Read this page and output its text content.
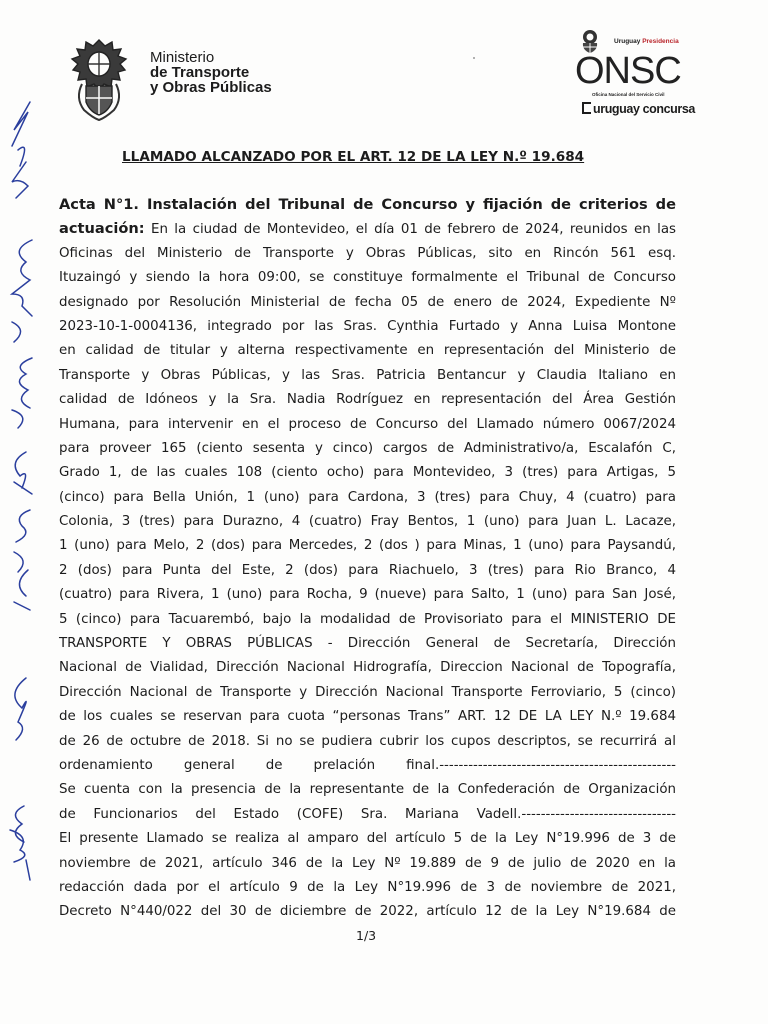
Ministerio
de Transporte
y Obras Públicas
Uruguay Presidencia
ONSC
Oficina Nacional del Servicio Civil
uruguay concursa
LLAMADO ALCANZADO POR EL ART. 12 DE LA LEY N.º 19.684
Acta N°1. Instalación del Tribunal de Concurso y fijación de criterios de
actuación: En la ciudad de Montevideo, el día 01 de febrero de 2024, reunidos en las
Oficinas del Ministerio de Transporte y Obras Públicas, sito en Rincón 561 esq.
Ituzaingó y siendo la hora 09:00, se constituye formalmente el Tribunal de Concurso
designado por Resolución Ministerial de fecha 05 de enero de 2024, Expediente Nº
2023-10-1-0004136, integrado por las Sras. Cynthia Furtado y Anna Luisa Montone
en calidad de titular y alterna respectivamente en representación del Ministerio de
Transporte y Obras Públicas, y las Sras. Patricia Bentancur y Claudia Italiano en
calidad de Idóneos y la Sra. Nadia Rodríguez en representación del Área Gestión
Humana, para intervenir en el proceso de Concurso del Llamado número 0067/2024
para proveer 165 (ciento sesenta y cinco) cargos de Administrativo/a, Escalafón C,
Grado 1, de las cuales 108 (ciento ocho) para Montevideo, 3 (tres) para Artigas, 5
(cinco) para Bella Unión, 1 (uno) para Cardona, 3 (tres) para Chuy, 4 (cuatro) para
Colonia, 3 (tres) para Durazno, 4 (cuatro) Fray Bentos, 1 (uno) para Juan L. Lacaze,
1 (uno) para Melo, 2 (dos) para Mercedes, 2 (dos ) para Minas, 1 (uno) para Paysandú,
2 (dos) para Punta del Este, 2 (dos) para Riachuelo, 3 (tres) para Rio Branco, 4
(cuatro) para Rivera, 1 (uno) para Rocha, 9 (nueve) para Salto, 1 (uno) para San José,
5 (cinco) para Tacuarembó, bajo la modalidad de Provisoriato para el MINISTERIO DE
TRANSPORTE Y OBRAS PÚBLICAS - Dirección General de Secretaría, Dirección
Nacional de Vialidad, Dirección Nacional Hidrografía, Direccion Nacional de Topografía,
Dirección Nacional de Transporte y Dirección Nacional Transporte Ferroviario, 5 (cinco)
de los cuales se reservan para cuota “personas Trans” ART. 12 DE LA LEY N.º 19.684
de 26 de octubre de 2018. Si no se pudiera cubrir los cupos descriptos, se recurrirá al
ordenamiento general de prelación final.-------------------------------------------------
Se cuenta con la presencia de la representante de la Confederación de Organización
de Funcionarios del Estado (COFE) Sra. Mariana Vadell.--------------------------------
El presente Llamado se realiza al amparo del artículo 5 de la Ley N°19.996 de 3 de
noviembre de 2021, artículo 346 de la Ley Nº 19.889 de 9 de julio de 2020 en la
redacción dada por el artículo 9 de la Ley N°19.996 de 3 de noviembre de 2021,
Decreto N°440/022 del 30 de diciembre de 2022, artículo 12 de la Ley N°19.684 de
1/3
